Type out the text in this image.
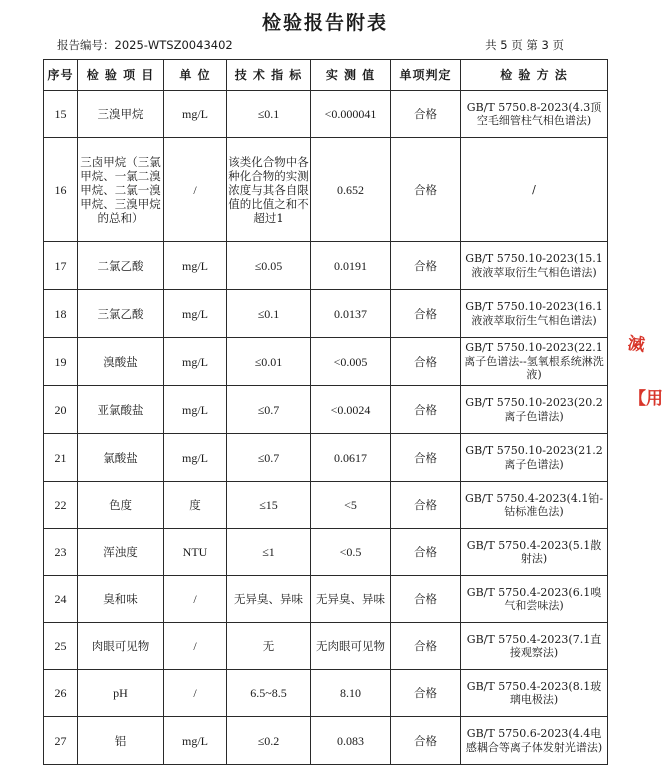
检验报告附表
报告编号：2025-WTSZ0043402	共 5 页 第 3 页
序号	检 验 项 目	单 位	技 术 指 标	实 测 值	单项判定	检 验 方 法
15	三溴甲烷	mg/L	≤0.1	<0.000041	合格	GB/T 5750.8-2023(4.3顶空毛细管柱气相色谱法)
16	三卤甲烷（三氯甲烷、一氯二溴甲烷、二氯一溴甲烷、三溴甲烷的总和）	/	该类化合物中各种化合物的实测浓度与其各自限值的比值之和不超过1	0.652	合格	/
17	二氯乙酸	mg/L	≤0.05	0.0191	合格	GB/T 5750.10-2023(15.1液液萃取衍生气相色谱法)
18	三氯乙酸	mg/L	≤0.1	0.0137	合格	GB/T 5750.10-2023(16.1液液萃取衍生气相色谱法)
19	溴酸盐	mg/L	≤0.01	<0.005	合格	GB/T 5750.10-2023(22.1离子色谱法--氢氧根系统淋洗液)
20	亚氯酸盐	mg/L	≤0.7	<0.0024	合格	GB/T 5750.10-2023(20.2离子色谱法)
21	氯酸盐	mg/L	≤0.7	0.0617	合格	GB/T 5750.10-2023(21.2离子色谱法)
22	色度	度	≤15	<5	合格	GB/T 5750.4-2023(4.1铂-钴标准色法)
23	浑浊度	NTU	≤1	<0.5	合格	GB/T 5750.4-2023(5.1散射法)
24	臭和味	/	无异臭、异味	无异臭、异味	合格	GB/T 5750.4-2023(6.1嗅气和尝味法)
25	肉眼可见物	/	无	无肉眼可见物	合格	GB/T 5750.4-2023(7.1直接观察法)
26	pH	/	6.5~8.5	8.10	合格	GB/T 5750.4-2023(8.1玻璃电极法)
27	铝	mg/L	≤0.2	0.083	合格	GB/T 5750.6-2023(4.4电感耦合等离子体发射光谱法)
滅
【用
